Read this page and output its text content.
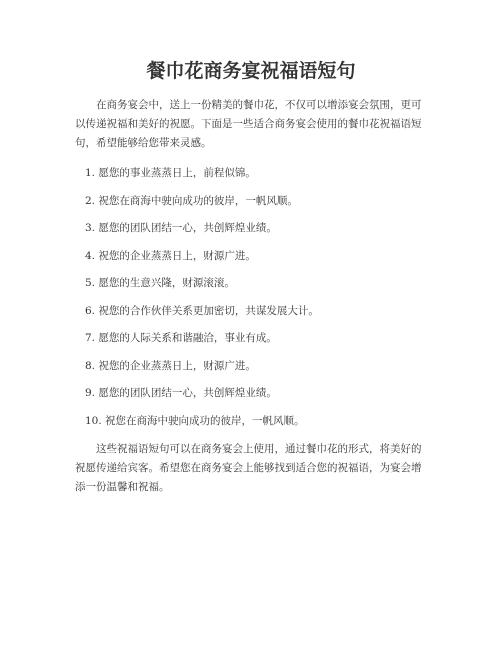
餐巾花商务宴祝福语短句

在商务宴会中，送上一份精美的餐巾花，不仅可以增添宴会氛围，更可以传递祝福和美好的祝愿。下面是一些适合商务宴会使用的餐巾花祝福语短句，希望能够给您带来灵感。

1. 愿您的事业蒸蒸日上，前程似锦。
2. 祝您在商海中驶向成功的彼岸，一帆风顺。
3. 愿您的团队团结一心，共创辉煌业绩。
4. 祝您的企业蒸蒸日上，财源广进。
5. 愿您的生意兴隆，财源滚滚。
6. 祝您的合作伙伴关系更加密切，共谋发展大计。
7. 愿您的人际关系和谐融洽，事业有成。
8. 祝您的企业蒸蒸日上，财源广进。
9. 愿您的团队团结一心，共创辉煌业绩。
10. 祝您在商海中驶向成功的彼岸，一帆风顺。

这些祝福语短句可以在商务宴会上使用，通过餐巾花的形式，将美好的祝愿传递给宾客。希望您在商务宴会上能够找到适合您的祝福语，为宴会增添一份温馨和祝福。
